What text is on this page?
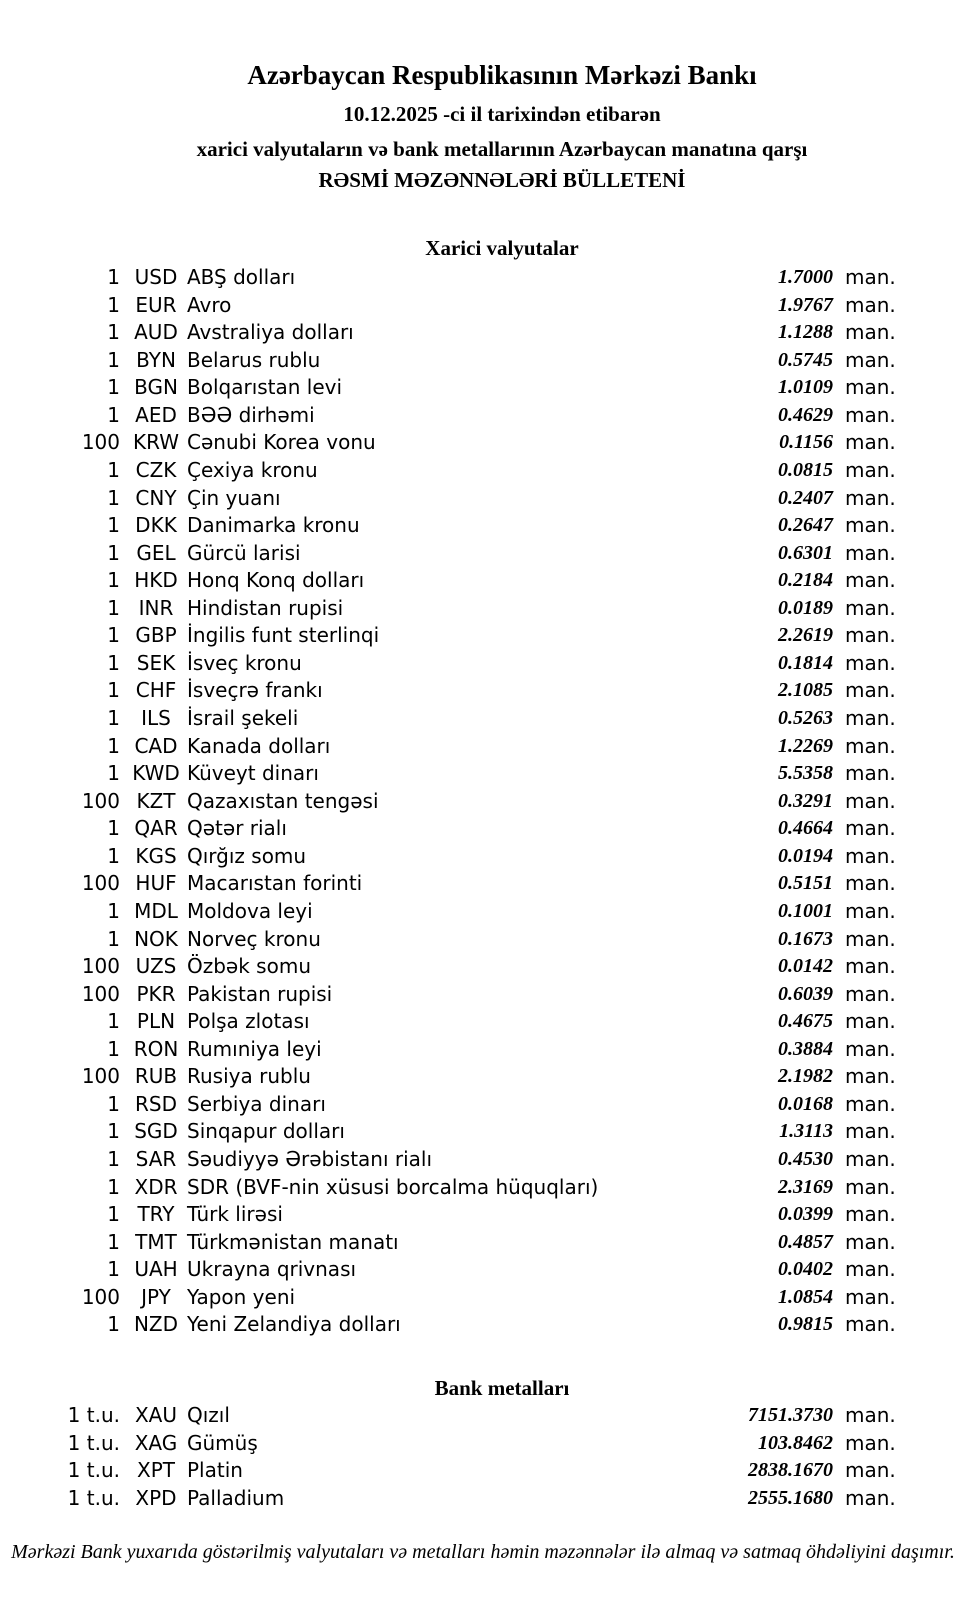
Azərbaycan Respublikasının Mərkəzi Bankı
10.12.2025 -ci il tarixindən etibarən
xarici valyutaların və bank metallarının Azərbaycan manatına qarşı
RƏSMİ MƏZƏNNƏLƏRİ BÜLLETENİ
Xarici valyutalar
1 USD ABŞ dolları	1.7000 man.
1 EUR Avro	1.9767 man.
1 AUD Avstraliya dolları	1.1288 man.
1 BYN Belarus rublu	0.5745 man.
1 BGN Bolqarıstan levi	1.0109 man.
1 AED BƏƏ dirhəmi	0.4629 man.
100 KRW Cənubi Korea vonu	0.1156 man.
1 CZK Çexiya kronu	0.0815 man.
1 CNY Çin yuanı	0.2407 man.
1 DKK Danimarka kronu	0.2647 man.
1 GEL Gürcü larisi	0.6301 man.
1 HKD Honq Konq dolları	0.2184 man.
1 INR Hindistan rupisi	0.0189 man.
1 GBP İngilis funt sterlinqi	2.2619 man.
1 SEK İsveç kronu	0.1814 man.
1 CHF İsveçrə frankı	2.1085 man.
1	ILS İsrail şekeli	0.5263 man.
1 CAD Kanada dolları	1.2269 man.
1 KWD Küveyt dinarı	5.5358 man.
100 KZT Qazaxıstan tengəsi	0.3291 man.
1 QAR Qətər rialı	0.4664 man.
1 KGS Qırğız somu	0.0194 man.
100 HUF Macarıstan forinti	0.5151 man.
1 MDL Moldova leyi	0.1001 man.
1 NOK Norveç kronu	0.1673 man.
100 UZS Özbək somu	0.0142 man.
100 PKR Pakistan rupisi	0.6039 man.
1 PLN Polşa zlotası	0.4675 man.
1 RON Rumıniya leyi	0.3884 man.
100 RUB Rusiya rublu	2.1982 man.
1 RSD Serbiya dinarı	0.0168 man.
1 SGD Sinqapur dolları	1.3113 man.
1 SAR Səudiyyə Ərəbistanı rialı	0.4530 man.
1 XDR SDR (BVF-nin xüsusi borcalma hüquqları)	2.3169 man.
1 TRY Türk lirəsi	0.0399 man.
1 TMT Türkmənistan manatı	0.4857 man.
1 UAH Ukrayna qrivnası	0.0402 man.
100	JPY Yapon yeni	1.0854 man.
1 NZD Yeni Zelandiya dolları	0.9815 man.
Bank metalları
1 t.u. XAU Qızıl	7151.3730 man.
1 t.u. XAG Gümüş	103.8462 man.
1 t.u. XPT Platin	2838.1670 man.
1 t.u. XPD Palladium	2555.1680 man.
Mərkəzi Bank yuxarıda göstərilmiş valyutaları və metalları həmin məzənnələr ilə almaq və satmaq öhdəliyini daşımır.
